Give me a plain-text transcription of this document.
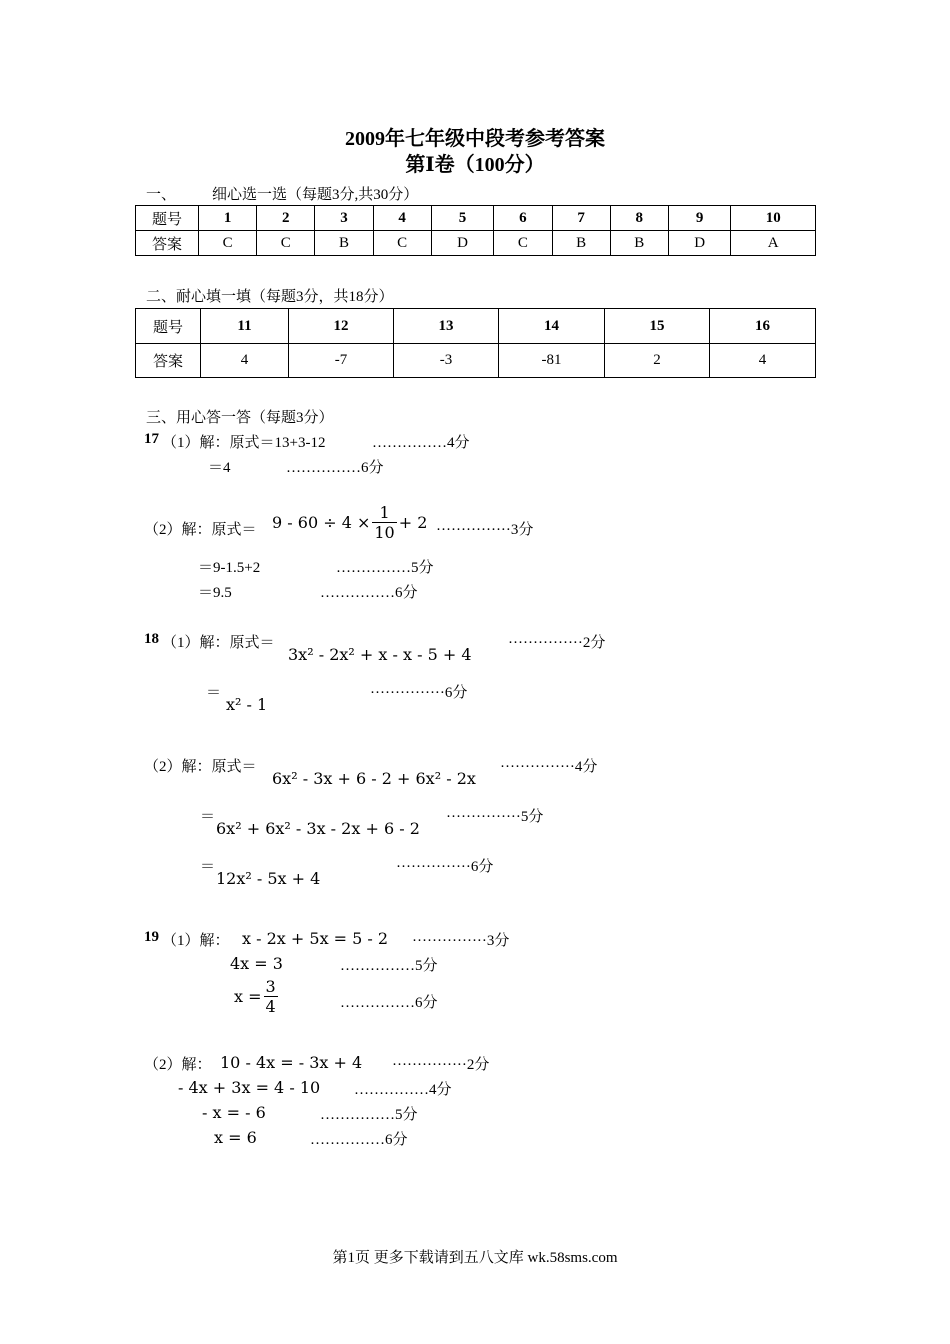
2009年七年级中段考参考答案
第Ⅰ卷（100分）
一、 细心选一选（每题3分,共30分）
题号	1	2	3	4	5	6	7	8	9	10
答案	C	C	B	C	D	C	B	B	D	A
二、耐心填一填（每题3分，共18分）
题号	11	12	13	14	15	16
答案	4	-7	-3	-81	2	4
三、用心答一答（每题3分）
17 （1）解：原式＝13+3-12	……………4分
＝4	……………6分
（2）解：原式＝ $9 - 60 \div 4 \times \frac{1}{10} + 2 \cdot\cdot\cdot\cdot\cdot\cdot\cdot\cdot\cdot\cdot\cdot\cdot\cdot\cdot\cdot 3$分
＝9-1.5+2	……………5分
＝9.5	……………6分
18 （1）解：原式＝
3x² - 2x² + x - x - 5 + 4
···············2分
＝
x² - 1
···············6分
（2）解：原式＝
6x² - 3x + 6 - 2 + 6x² - 2x
···············4分
＝
6x² + 6x² - 3x - 2x + 6 - 2
···············5分
＝
12x² - 5x + 4
···············6分
19 （1）解： x - 2x + 5x = 5 - 2 ···············3分
4x = 3	……………5分
$x = \frac{3}{4}$	……………6分
（2）解： 10 - 4x = - 3x + 4 ···············2分
- 4x + 3x = 4 - 10 ……………4分
- x = - 6	……………5分
x = 6	……………6分
第1页 更多下载请到五八文库 wk.58sms.com
